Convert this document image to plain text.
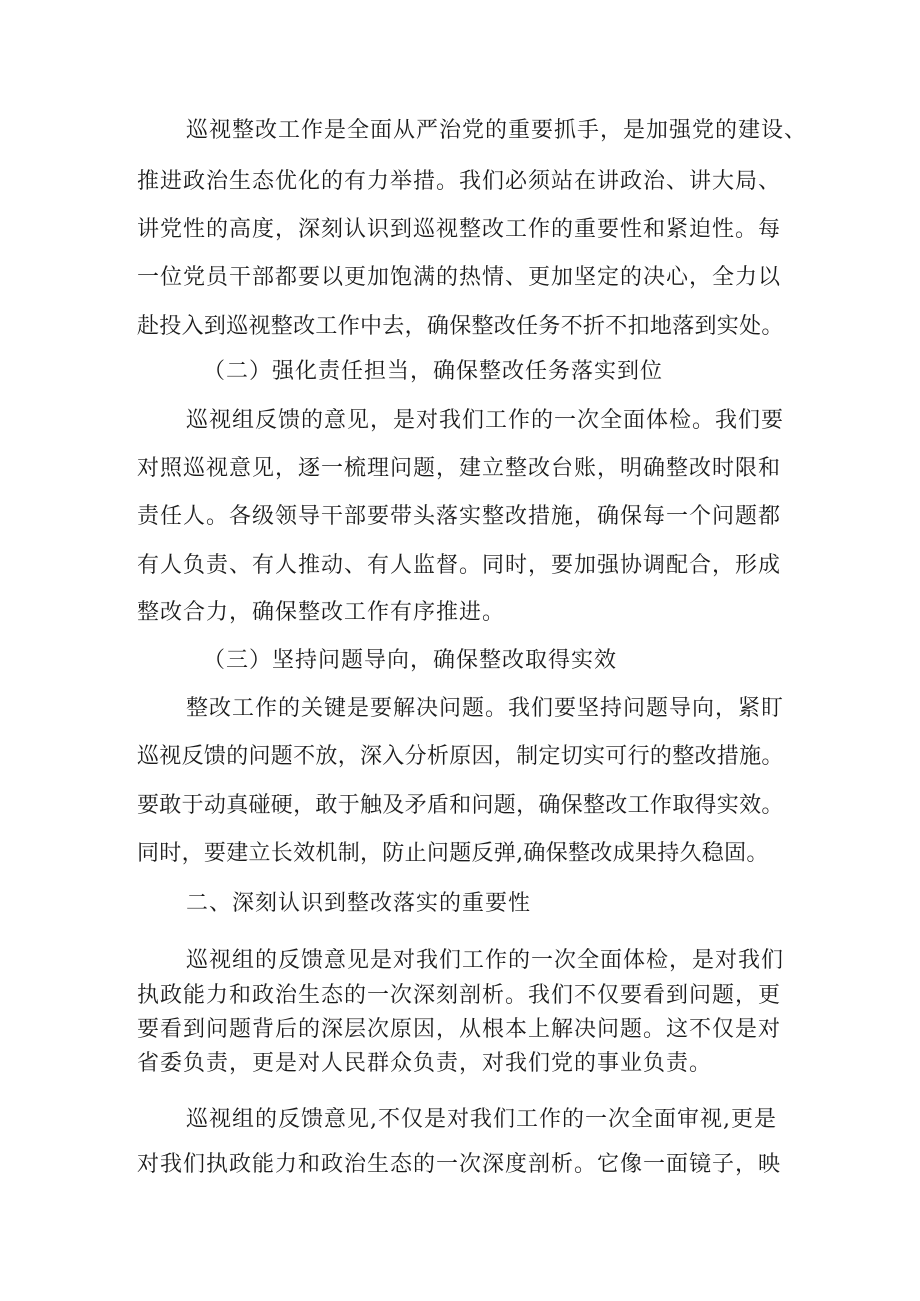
巡视整改工作是全面从严治党的重要抓手，是加强党的建设、
推进政治生态优化的有力举措。我们必须站在讲政治、讲大局、
讲党性的高度，深刻认识到巡视整改工作的重要性和紧迫性。每
一位党员干部都要以更加饱满的热情、更加坚定的决心，全力以
赴投入到巡视整改工作中去，确保整改任务不折不扣地落到实处。
（二）强化责任担当，确保整改任务落实到位
巡视组反馈的意见，是对我们工作的一次全面体检。我们要
对照巡视意见，逐一梳理问题，建立整改台账，明确整改时限和
责任人。各级领导干部要带头落实整改措施，确保每一个问题都
有人负责、有人推动、有人监督。同时，要加强协调配合，形成
整改合力，确保整改工作有序推进。
（三）坚持问题导向，确保整改取得实效
整改工作的关键是要解决问题。我们要坚持问题导向，紧盯
巡视反馈的问题不放，深入分析原因，制定切实可行的整改措施。
要敢于动真碰硬，敢于触及矛盾和问题，确保整改工作取得实效。
同时，要建立长效机制，防止问题反弹,确保整改成果持久稳固。
二、深刻认识到整改落实的重要性
巡视组的反馈意见是对我们工作的一次全面体检，是对我们
执政能力和政治生态的一次深刻剖析。我们不仅要看到问题，更
要看到问题背后的深层次原因，从根本上解决问题。这不仅是对
省委负责，更是对人民群众负责，对我们党的事业负责。
巡视组的反馈意见,不仅是对我们工作的一次全面审视,更是
对我们执政能力和政治生态的一次深度剖析。它像一面镜子，映
